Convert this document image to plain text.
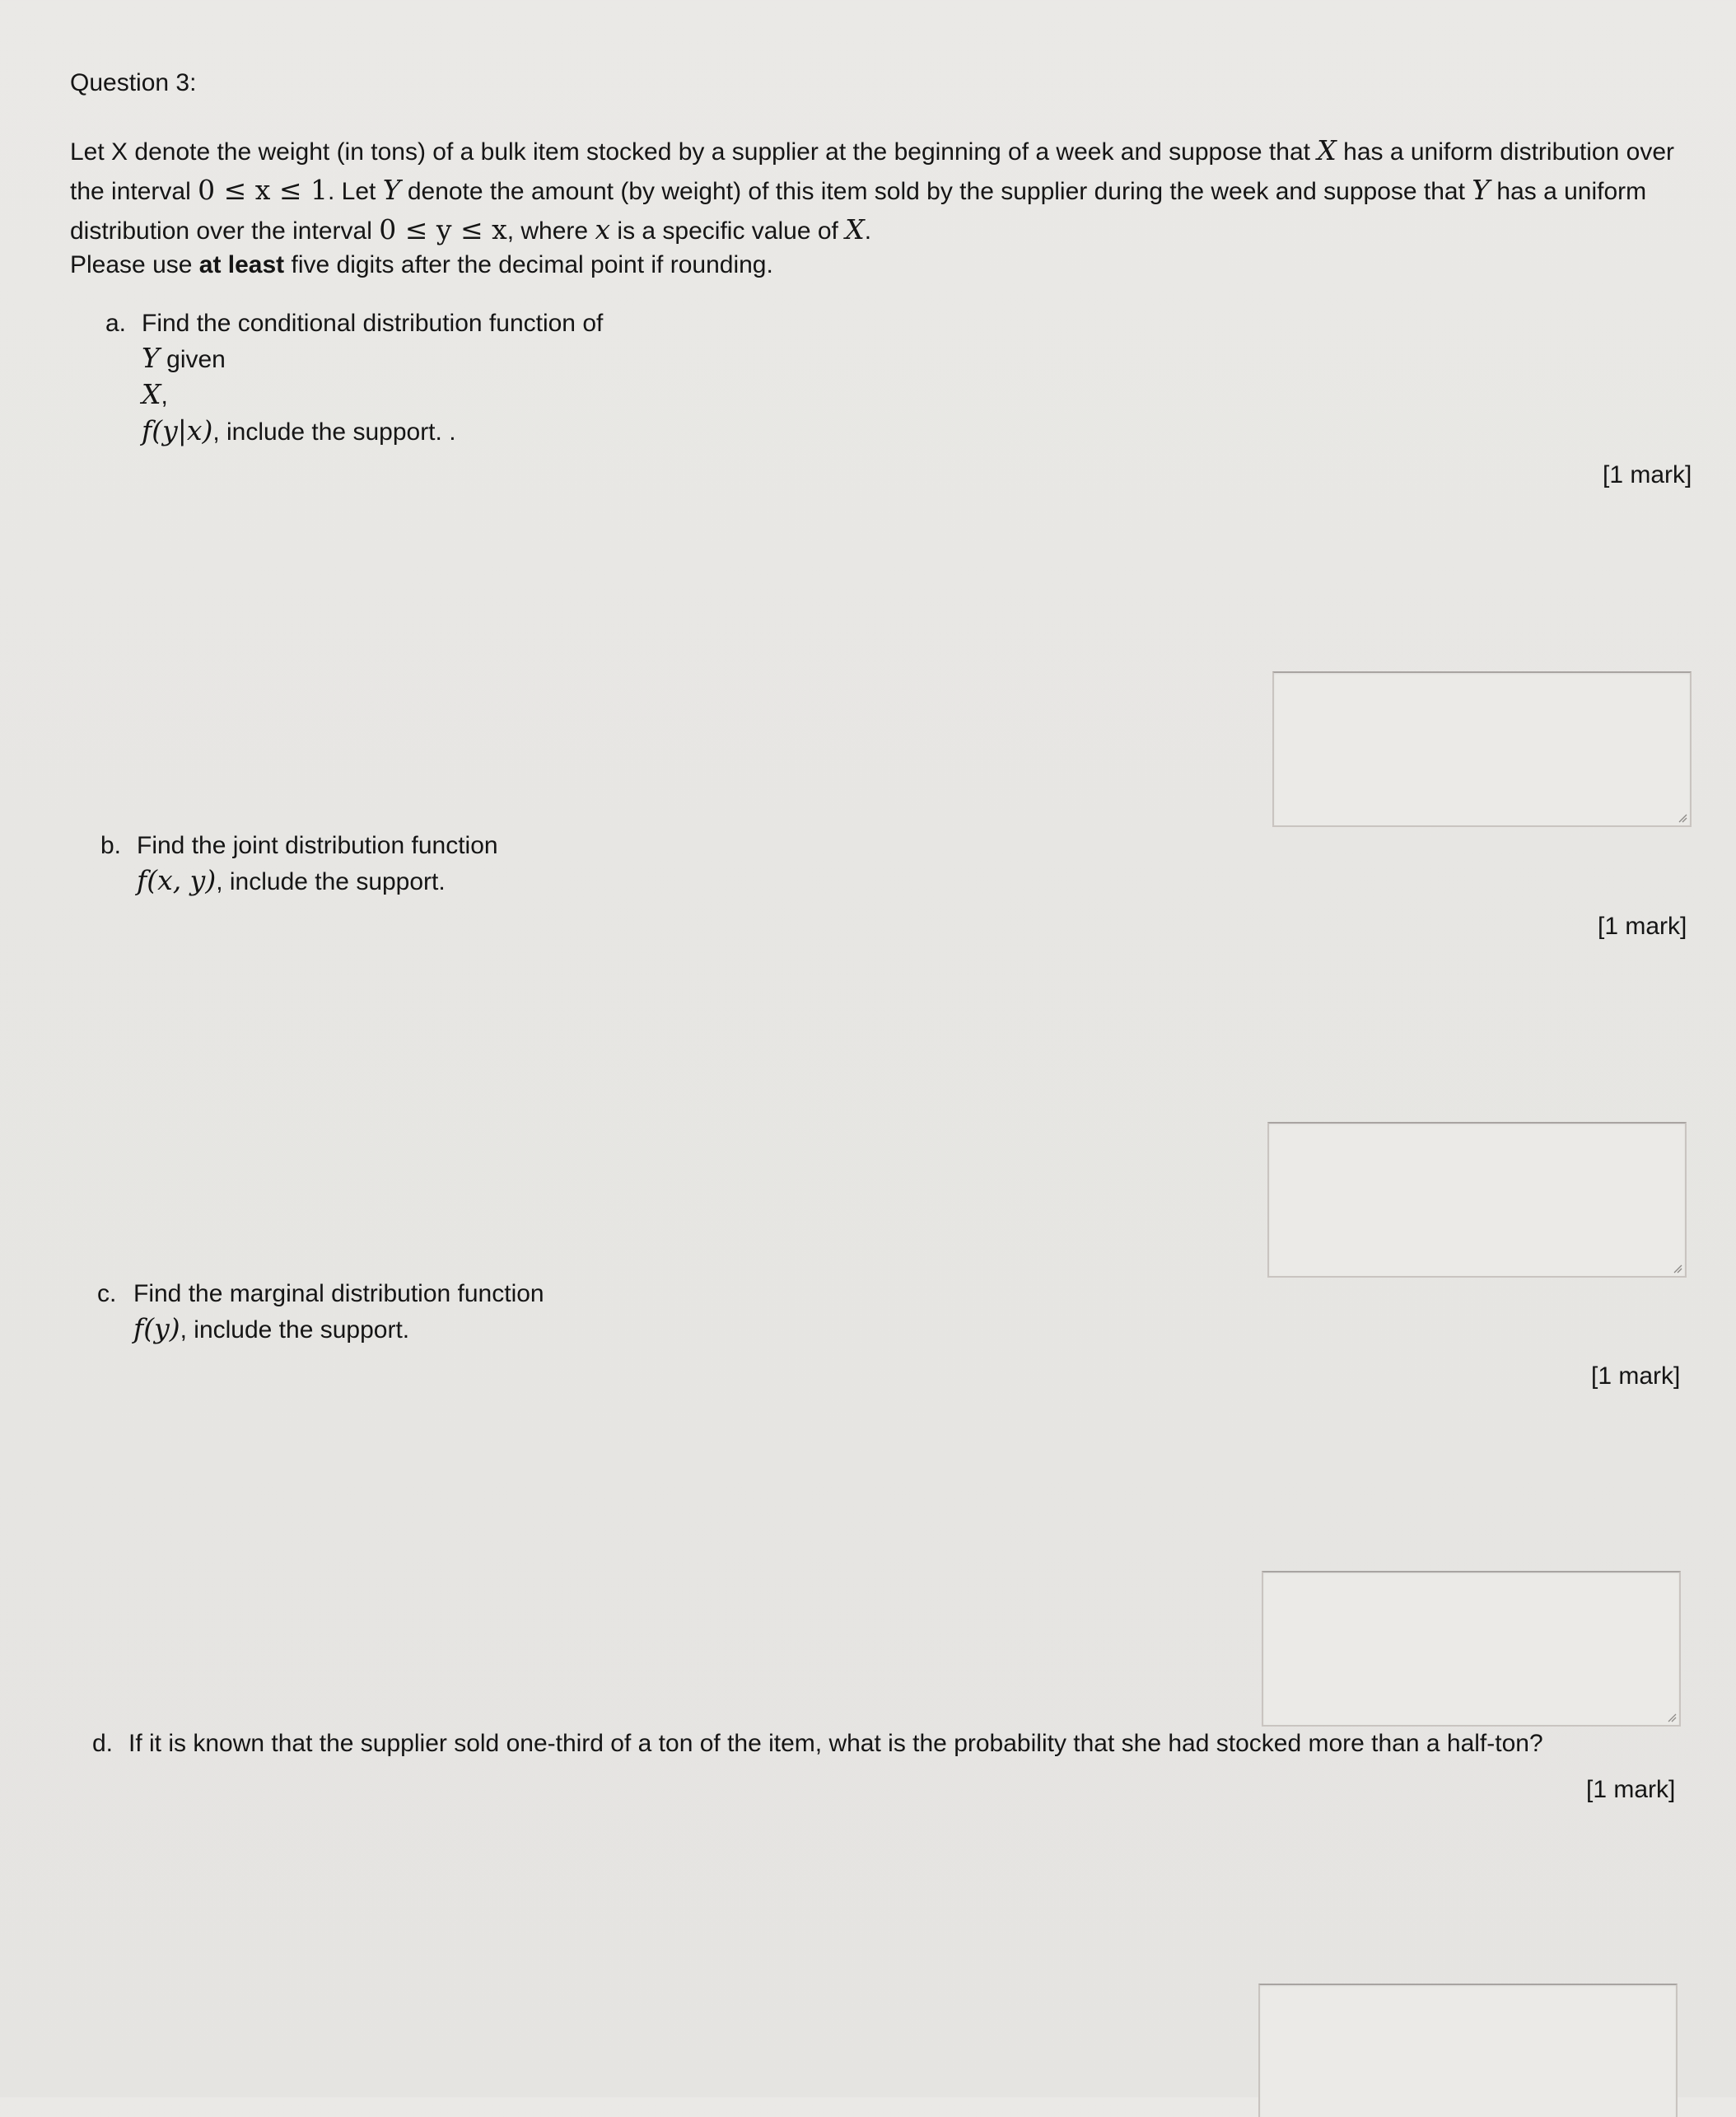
Question 3:
Let X denote the weight (in tons) of a bulk item stocked by a supplier at the beginning of a week and suppose that X has a uniform distribution over the interval 0 ≤ x ≤ 1. Let Y denote the amount (by weight) of this item sold by the supplier during the week and suppose that Y has a uniform distribution over the interval 0 ≤ y ≤ x, where x is a specific value of X.
Please use at least five digits after the decimal point if rounding.
a. Find the conditional distribution function of
Y given
X,
f(y|x), include the support. .
[1 mark]
b. Find the joint distribution function
f(x, y), include the support.
[1 mark]
c. Find the marginal distribution function
f(y), include the support.
[1 mark]
d. If it is known that the supplier sold one-third of a ton of the item, what is the probability that she had stocked more than a half-ton?
[1 mark]
